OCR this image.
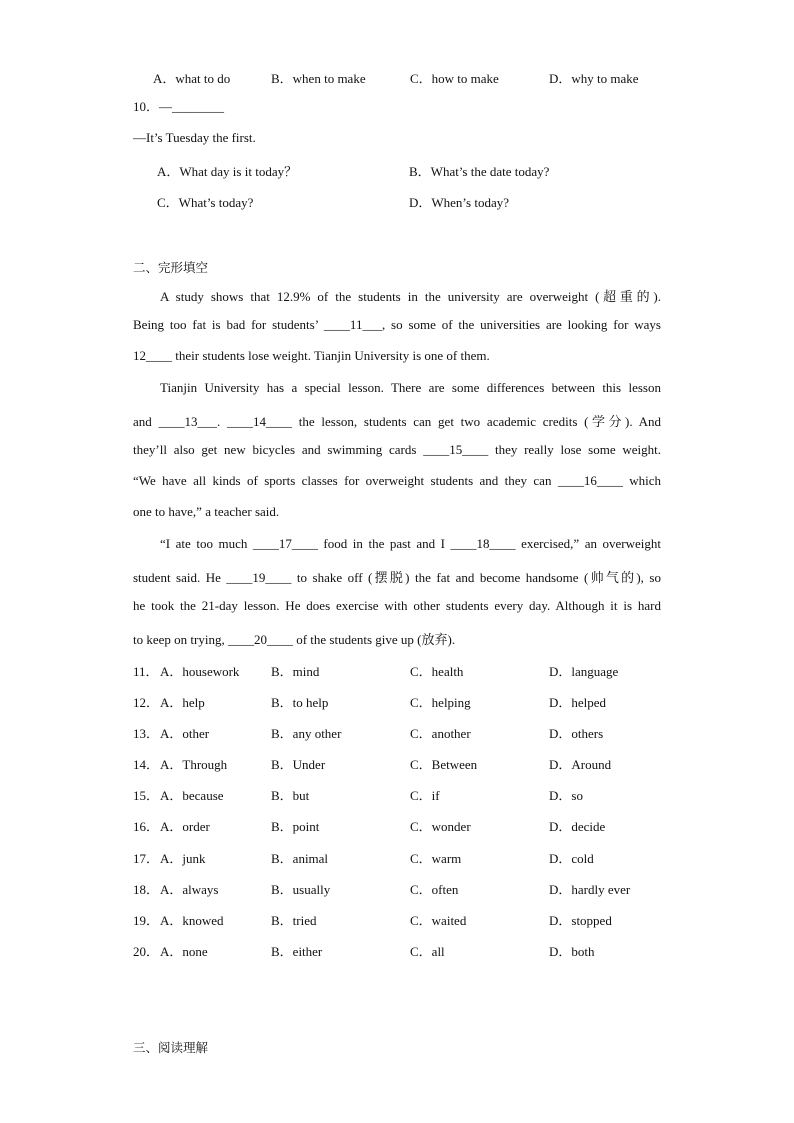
A．what to do	B．when to make	C．how to make	D．why to make
10．—________
—It’s Tuesday the first.
A．What day is it today？	B．What’s the date today?
C．What’s today?	D．When’s today?
二、完形填空
A study shows that 12.9% of the students in the university are overweight (超重的).
Being too fat is bad for students’ ____11___, so some of the universities are looking for ways
12____ their students lose weight. Tianjin University is one of them.
Tianjin University has a special lesson. There are some differences between this lesson
and ____13___. ____14____ the lesson, students can get two academic credits (学分). And
they’ll also get new bicycles and swimming cards ____15____ they really lose some weight.
“We have all kinds of sports classes for overweight students and they can ____16____ which
one to have,” a teacher said.
“I ate too much ____17____ food in the past and I ____18____ exercised,” an overweight
student said. He ____19____ to shake off (摆脱) the fat and become handsome (帅气的), so
he took the 21-day lesson. He does exercise with other students every day. Although it is hard
to keep on trying, ____20____ of the students give up (放弃).
11． A．housework B．mind	C．health	D．language
12． A．help	B．to help	C．helping	D．helped
13． A．other	B．any other	C．another	D．others
14． A．Through	B．Under	C．Between	D．Around
15． A．because	B．but	C．if	D．so
16． A．order	B．point	C．wonder	D．decide
17． A．junk	B．animal	C．warm	D．cold
18． A．always	B．usually	C．often	D．hardly ever
19． A．knowed	B．tried	C．waited	D．stopped
20． A．none	B．either	C．all	D．both
三、阅读理解
